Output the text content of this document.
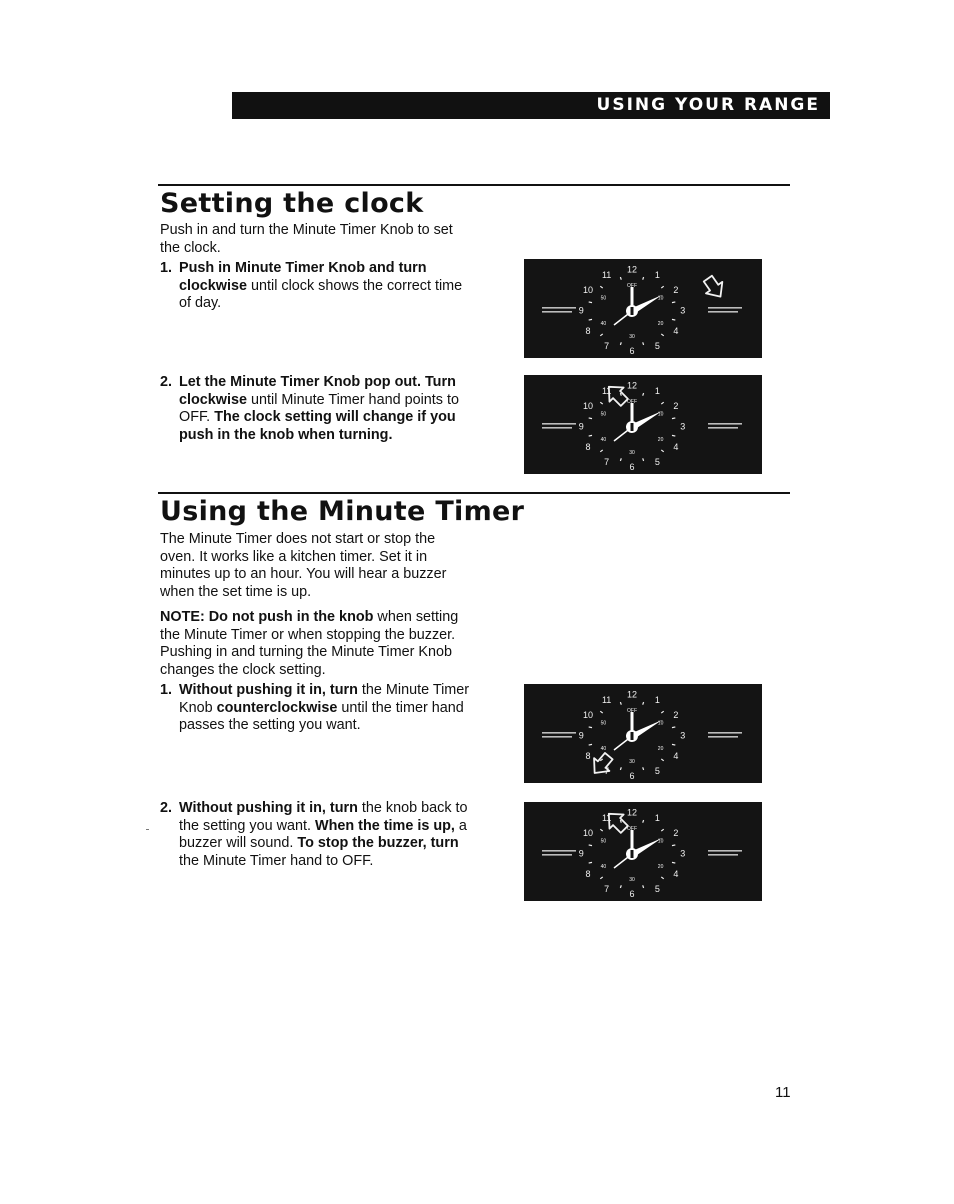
USING YOUR RANGE
Setting the clock

Push in and turn the Minute Timer Knob to set the clock.

1. Push in Minute Timer Knob and turn clockwise until clock shows the correct time of day.
2. Let the Minute Timer Knob pop out. Turn clockwise until Minute Timer hand points to OFF. The clock setting will change if you push in the knob when turning.
Using the Minute Timer

The Minute Timer does not start or stop the oven. It works like a kitchen timer. Set it in minutes up to an hour. You will hear a buzzer when the set time is up.

NOTE: Do not push in the knob when setting the Minute Timer or when stopping the buzzer. Pushing in and turning the Minute Timer Knob changes the clock setting.

1. Without pushing it in, turn the Minute Timer Knob counterclockwise until the timer hand passes the setting you want.
2. Without pushing it in, turn the knob back to the setting you want. When the time is up, a buzzer will sound. To stop the buzzer, turn the Minute Timer hand to OFF.
12
1
2
3
4
5
6
7
8
9
10
11
OFF
10
20
30
40
50
12
1
2
3
4
5
6
7
8
9
10
11
OFF
10
20
30
40
50
12
1
2
3
4
5
6
7
8
9
10
11
OFF
10
20
30
40
50
12
1
2
3
4
5
6
7
8
9
10
11
OFF
10
20
30
40
50
11
